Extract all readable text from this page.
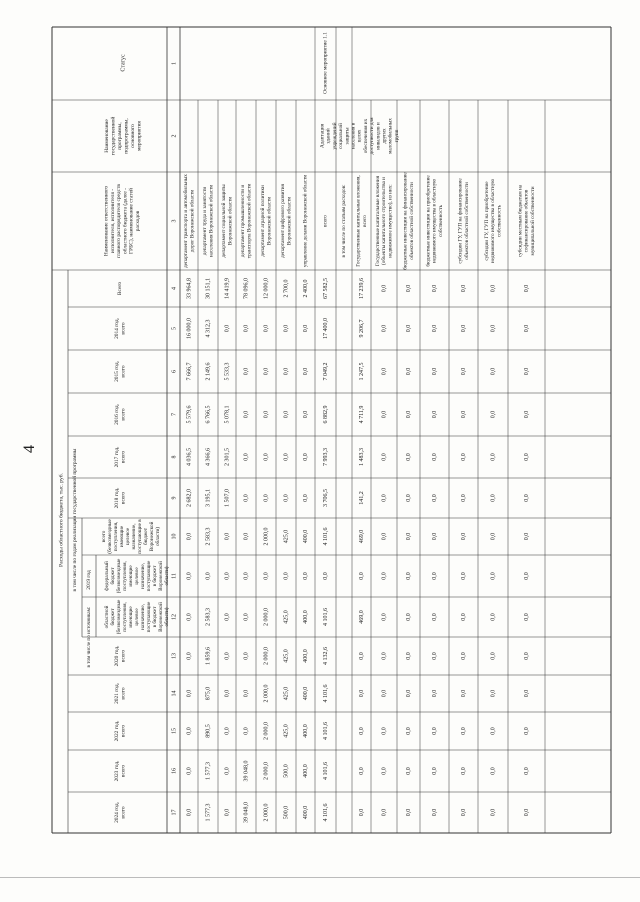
4
Расходы областного бюджета, тыс. руб. в том числе по годам реализации государственной программы 2019 год
в том числе по источникам:
Статус
Наименование государственной программы, подпрограммы, основного мероприятия
Наименование ответственного исполнителя, исполнителя - главного распорядителя средств областного бюджета (далее - ГРБС), наименование статей расходов
Всего
2014 год, всего
2015 год, всего
2016 год, всего
2017 год, всего
2018 год, всего
всего (безвозмездные поступления, имеющие целевое назначение, поступающие в бюджет Воронежской области)
федеральный бюджет (безвозмездные поступления, имеющие целевое назначение, поступающие в бюджет Воронежской области)
областной бюджет (безвозмездные поступления, имеющие целевое назначение, поступающие в бюджет Воронежской области)
2020 год, всего
2021 год, всего
2022 год, всего
2023 год, всего
2024 год, всего
1
2
3
4
5
6
7
8
9
10
11
12
13
14
15
16
17
департамент транспорта и автомобильных дорог Воронежской области
33 964,8
16 000,0
7 666,7
5 579,6
4 036,5
2 682,0
0,0
0,0
0,0
0,0
0,0
0,0
0,0
0,0
департамент труда и занятости населения Воронежской области
30 151,1
4 312,3
2 149,6
6 766,5
4 366,6
3 195,1
2 583,3
0,0
2 583,3
1 859,6
875,0
890,5
1 577,3
1 577,3
департамент социальной защиты Воронежской области
14 419,9
0,0
5 533,3
5 078,1
2 301,5
1 507,0
0,0
0,0
0,0
0,0
0,0
0,0
0,0
0,0
департамент промышленности и транспорта Воронежской области
78 096,0
0,0
0,0
0,0
0,0
0,0
0,0
0,0
0,0
0,0
0,0
0,0
39 048,0
39 048,0
департамент аграрной политики Воронежской области
12 000,0
0,0
0,0
0,0
0,0
0,0
2 000,0
0,0
2 000,0
2 000,0
2 000,0
2 000,0
2 000,0
2 000,0
департамент цифрового развития Воронежской области
2 700,0
0,0
0,0
0,0
0,0
0,0
425,0
0,0
425,0
425,0
425,0
425,0
500,0
500,0
управление делами Воронежской области
2 400,0
0,0
0,0
0,0
0,0
0,0
400,0
0,0
400,0
400,0
400,0
400,0
400,0
400,0
Основное мероприятие 1.1
Адаптация зданий учреждений социальной защиты населения в целях обеспечения их доступности для инвалидов и других маломобильных групп
всего
67 582,5
17 400,0
7 049,2
6 882,9
7 993,3
3 706,5
4 101,6
0,0
4 101,6
4 132,6
4 101,6
4 101,6
4 101,6
4 101,6
в том числе по статьям расходов: Государственные капитальные вложения, всего
17 239,6
9 206,7
1 247,5
4 711,9
1 483,3
141,2
469,0
0,0
469,0
0,0
0,0
0,0
0,0
0,0
Государственные капитальные вложения (объекты капитального строительства и недвижимое имущество), из них:
0,0
0,0
0,0
0,0
0,0
0,0
0,0
0,0
0,0
0,0
0,0
0,0
0,0
0,0
бюджетные инвестиции на финансирование объектов областной собственности
0,0
0,0
0,0
0,0
0,0
0,0
0,0
0,0
0,0
0,0
0,0
0,0
0,0
0,0
бюджетные инвестиции на приобретение недвижимого имущества в областную собственность
0,0
0,0
0,0
0,0
0,0
0,0
0,0
0,0
0,0
0,0
0,0
0,0
0,0
0,0
субсидии ГУ, ГУП на финансирование объектов областной собственности
0,0
0,0
0,0
0,0
0,0
0,0
0,0
0,0
0,0
0,0
0,0
0,0
0,0
0,0
субсидии ГУ, ГУП на приобретение недвижимого имущества в областную собственность
0,0
0,0
0,0
0,0
0,0
0,0
0,0
0,0
0,0
0,0
0,0
0,0
0,0
0,0
субсидии местным бюджетам на софинансирование объектов муниципальной собственности
0,0
0,0
0,0
0,0
0,0
0,0
0,0
0,0
0,0
0,0
0,0
0,0
0,0
0,0
